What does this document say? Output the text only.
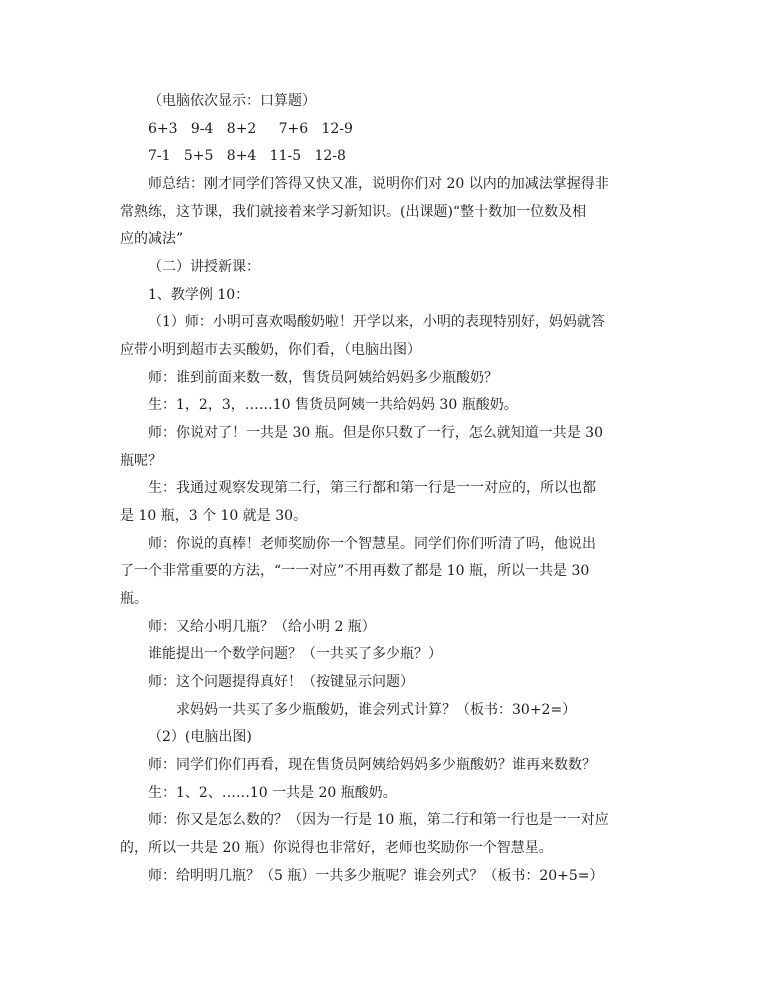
（电脑依次显示：口算题）
6+3   9-4   8+2     7+6   12-9
7-1   5+5   8+4   11-5   12-8
师总结：刚才同学们答得又快又准，说明你们对 20 以内的加减法掌握得非
常熟练，这节课，我们就接着来学习新知识。(出课题)“整十数加一位数及相
应的减法”
（二）讲授新课：
1、教学例 10：
（1）师：小明可喜欢喝酸奶啦！开学以来，小明的表现特别好，妈妈就答
应带小明到超市去买酸奶，你们看，（电脑出图）
师：谁到前面来数一数，售货员阿姨给妈妈多少瓶酸奶？
生：1，2，3，……10 售货员阿姨一共给妈妈 30 瓶酸奶。
师：你说对了！一共是 30 瓶。但是你只数了一行，怎么就知道一共是 30
瓶呢？
生：我通过观察发现第二行，第三行都和第一行是一一对应的，所以也都
是 10 瓶，3 个 10 就是 30。
师：你说的真棒！老师奖励你一个智慧星。同学们你们听清了吗，他说出
了一个非常重要的方法，“一一对应”不用再数了都是 10 瓶，所以一共是 30
瓶。
师：又给小明几瓶？（给小明 2 瓶）
谁能提出一个数学问题？（一共买了多少瓶？）
师：这个问题提得真好！（按键显示问题）
求妈妈一共买了多少瓶酸奶，谁会列式计算？（板书：30+2=）
（2）(电脑出图)
师：同学们你们再看，现在售货员阿姨给妈妈多少瓶酸奶？谁再来数数？
生：1、2、……10 一共是 20 瓶酸奶。
师：你又是怎么数的？（因为一行是 10 瓶，第二行和第一行也是一一对应
的，所以一共是 20 瓶）你说得也非常好，老师也奖励你一个智慧星。
师：给明明几瓶？（5 瓶）一共多少瓶呢？谁会列式？（板书：20+5=）
